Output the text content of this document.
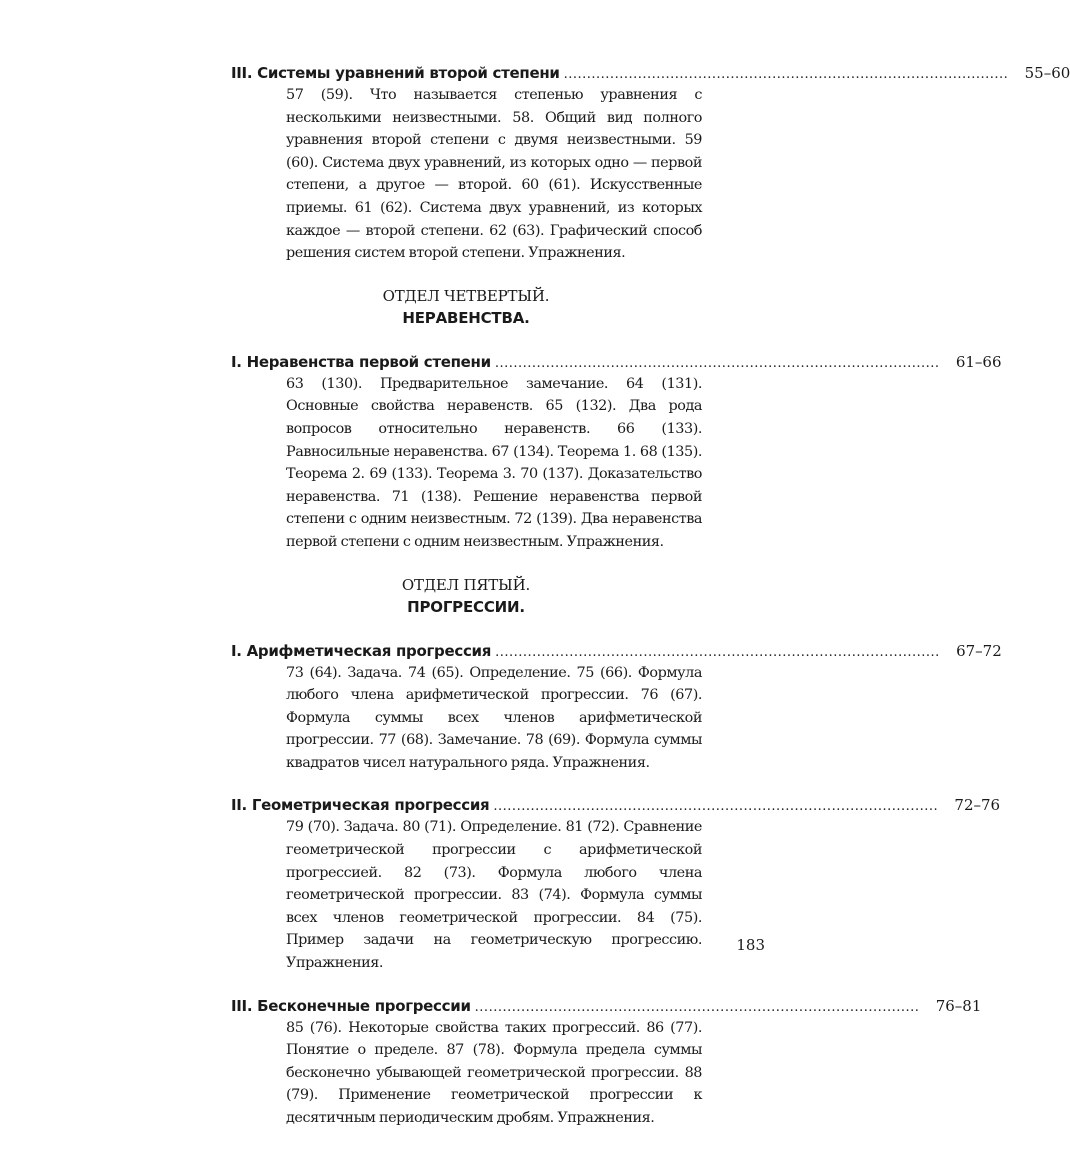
III. Системы уравнений второй степени ................................................................................................ 55–60
57 (59). Что называется степенью уравнения с несколькими неизвестными. 58. Общий вид полного уравнения второй степени с двумя неизвестными. 59 (60). Система двух уравнений, из которых одно — первой степени, а другое — второй. 60 (61). Искусственные приемы. 61 (62). Система двух уравнений, из которых каждое — второй степени. 62 (63). Графический способ решения систем второй степени. Упражнения.
ОТДЕЛ ЧЕТВЕРТЫЙ.
НЕРАВЕНСТВА.
I. Неравенства первой степени ................................................................................................ 61–66
63 (130). Предварительное замечание. 64 (131). Основные свойства неравенств. 65 (132). Два рода вопросов относительно неравенств. 66 (133). Равносильные неравенства. 67 (134). Теорема 1. 68 (135). Теорема 2. 69 (133). Теорема 3. 70 (137). Доказательство неравенства. 71 (138). Решение неравенства первой степени с одним неизвестным. 72 (139). Два неравенства первой степени с одним неизвестным. Упражнения.
ОТДЕЛ ПЯТЫЙ.
ПРОГРЕССИИ.
I. Арифметическая прогрессия ................................................................................................ 67–72
73 (64). Задача. 74 (65). Определение. 75 (66). Формула любого члена арифметической прогрессии. 76 (67). Формула суммы всех членов арифметической прогрессии. 77 (68). Замечание. 78 (69). Формула суммы квадратов чисел натурального ряда. Упражнения.
II. Геометрическая прогрессия ................................................................................................ 72–76
79 (70). Задача. 80 (71). Определение. 81 (72). Сравнение геометрической прогрессии с арифметической прогрессией. 82 (73). Формула любого члена геометрической прогрессии. 83 (74). Формула суммы всех членов геометрической прогрессии. 84 (75). Пример задачи на геометрическую прогрессию. Упражнения.
III. Бесконечные прогрессии ................................................................................................ 76–81
85 (76). Некоторые свойства таких прогрессий. 86 (77). Понятие о пределе. 87 (78). Формула предела суммы бесконечно убывающей геометрической прогрессии. 88 (79). Применение геометрической прогрессии к десятичным периодическим дробям. Упражнения.
183
